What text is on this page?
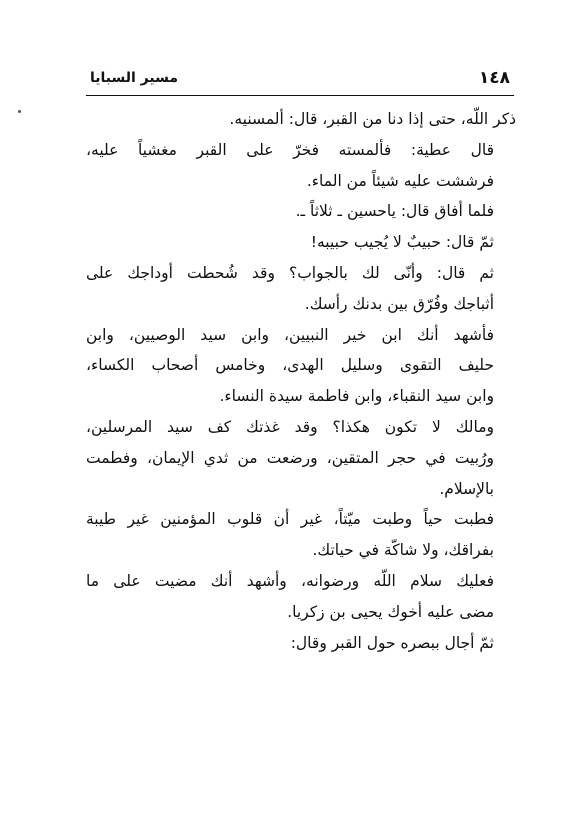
١٤٨
مسير السبايا

ذكر اللّه، حتى إذا دنا من القبر، قال: ألمسنيه.

قال عطية: فألمسته فخرّ على القبر مغشياً عليه،
فرششت عليه شيئاً من الماء.

فلما أفاق قال: ياحسين ـ ثلاثاً ـ.

ثمّ قال: حبيبٌ لا يُجيب حبيبه!

ثم قال: وأنّى لك بالجواب؟ وقد شُحطت أوداجك على
أثباجك وفُرّق بين بدنك رأسك.

فأشهد أنك ابن خير النبيين، وابن سيد الوصيين، وابن
حليف التقوى وسليل الهدى، وخامس أصحاب الكساء،
وابن سيد النقباء، وابن فاطمة سيدة النساء.

ومالك لا تكون هكذا؟ وقد غذتك كف سيد المرسلين،
ورُبيت في حجر المتقين، ورضعت من ثدي الإيمان، وفطمت
بالإسلام.

فطبت حياً وطبت ميّتاً، غير أن قلوب المؤمنين غير طيبة
بفراقك، ولا شاكّة في حياتك.

فعليك سلام اللّه ورضوانه، وأشهد أنك مضيت على ما
مضى عليه أخوك يحيى بن زكريا.

ثمّ أجال ببصره حول القبر وقال:
